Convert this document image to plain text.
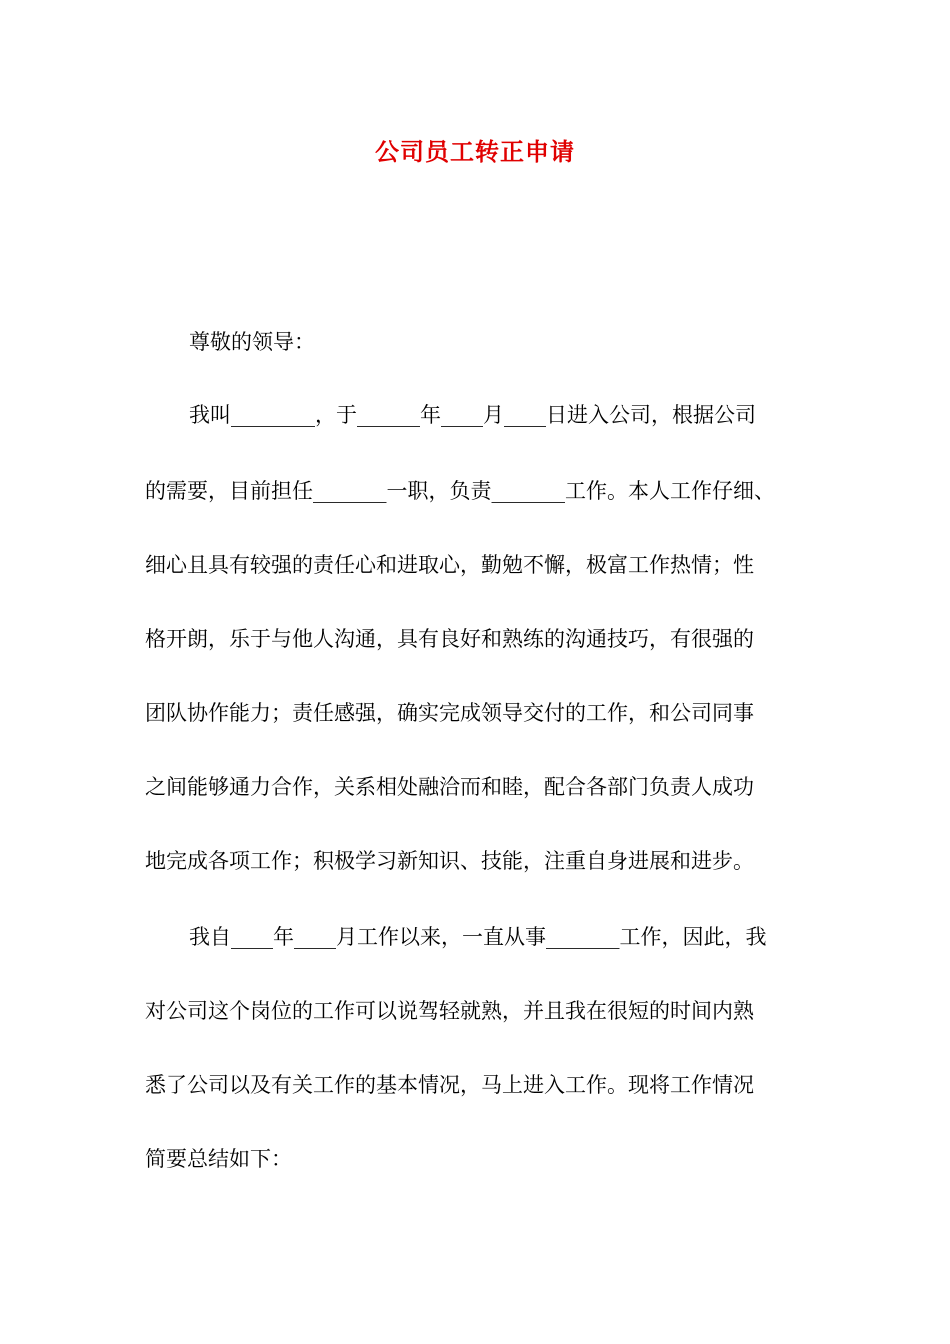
公司员工转正申请
尊敬的领导：
我叫________，于______年____月____日进入公司，根据公司
的需要，目前担任_______一职，负责_______工作。本人工作仔细、
细心且具有较强的责任心和进取心，勤勉不懈，极富工作热情；性
格开朗，乐于与他人沟通，具有良好和熟练的沟通技巧，有很强的
团队协作能力；责任感强，确实完成领导交付的工作，和公司同事
之间能够通力合作，关系相处融洽而和睦，配合各部门负责人成功
地完成各项工作；积极学习新知识、技能，注重自身进展和进步。
我自____年____月工作以来，一直从事_______工作，因此，我
对公司这个岗位的工作可以说驾轻就熟，并且我在很短的时间内熟
悉了公司以及有关工作的基本情况，马上进入工作。现将工作情况
简要总结如下：
